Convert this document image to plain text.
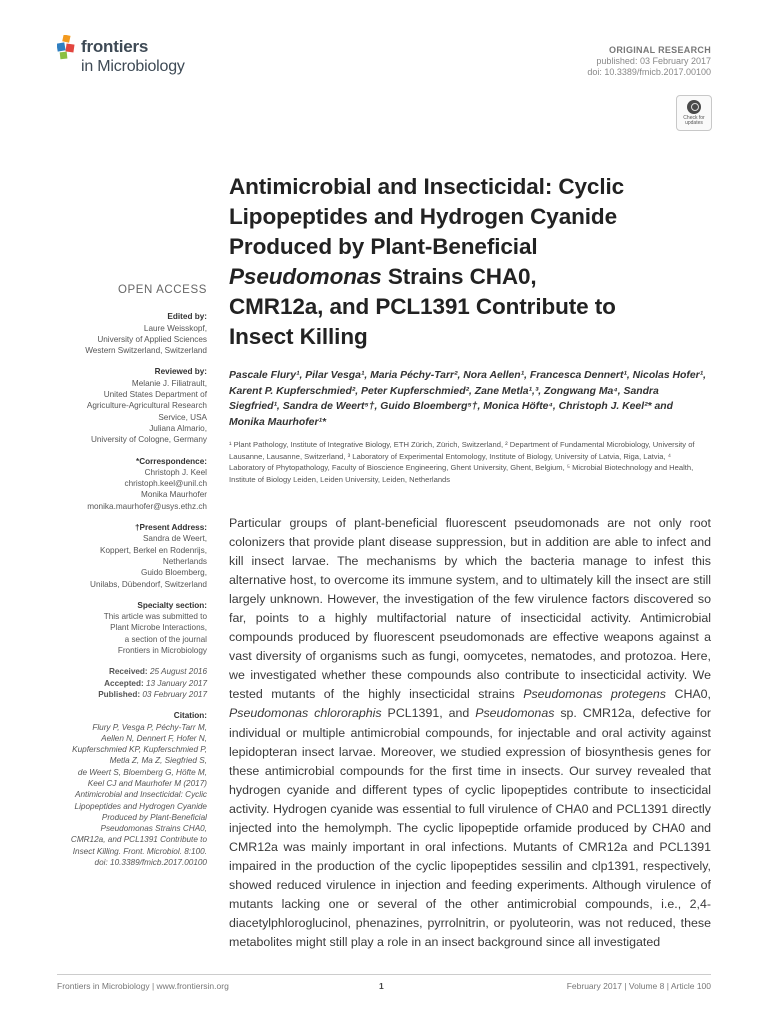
frontiers
in Microbiology
ORIGINAL RESEARCH
published: 03 February 2017
doi: 10.3389/fmicb.2017.00100
Check for updates
Antimicrobial and Insecticidal: Cyclic
Lipopeptides and Hydrogen Cyanide
Produced by Plant-Beneficial
Pseudomonas Strains CHA0,
CMR12a, and PCL1391 Contribute to
Insect Killing
Pascale Flury¹, Pilar Vesga¹, Maria Péchy-Tarr², Nora Aellen¹, Francesca Dennert¹, Nicolas Hofer¹, Karent P. Kupferschmied², Peter Kupferschmied², Zane Metla¹,³, Zongwang Ma⁴, Sandra Siegfried¹, Sandra de Weert⁵†, Guido Bloemberg⁵†, Monica Höfte⁴, Christoph J. Keel²* and Monika Maurhofer¹*
¹ Plant Pathology, Institute of Integrative Biology, ETH Zürich, Zürich, Switzerland, ² Department of Fundamental Microbiology, University of Lausanne, Lausanne, Switzerland, ³ Laboratory of Experimental Entomology, Institute of Biology, University of Latvia, Riga, Latvia, ⁴ Laboratory of Phytopathology, Faculty of Bioscience Engineering, Ghent University, Ghent, Belgium, ⁵ Microbial Biotechnology and Health, Institute of Biology Leiden, Leiden University, Leiden, Netherlands
Particular groups of plant-beneficial fluorescent pseudomonads are not only root colonizers that provide plant disease suppression, but in addition are able to infect and kill insect larvae. The mechanisms by which the bacteria manage to infest this alternative host, to overcome its immune system, and to ultimately kill the insect are still largely unknown. However, the investigation of the few virulence factors discovered so far, points to a highly multifactorial nature of insecticidal activity. Antimicrobial compounds produced by fluorescent pseudomonads are effective weapons against a vast diversity of organisms such as fungi, oomycetes, nematodes, and protozoa. Here, we investigated whether these compounds also contribute to insecticidal activity. We tested mutants of the highly insecticidal strains Pseudomonas protegens CHA0, Pseudomonas chlororaphis PCL1391, and Pseudomonas sp. CMR12a, defective for individual or multiple antimicrobial compounds, for injectable and oral activity against lepidopteran insect larvae. Moreover, we studied expression of biosynthesis genes for these antimicrobial compounds for the first time in insects. Our survey revealed that hydrogen cyanide and different types of cyclic lipopeptides contribute to insecticidal activity. Hydrogen cyanide was essential to full virulence of CHA0 and PCL1391 directly injected into the hemolymph. The cyclic lipopeptide orfamide produced by CHA0 and CMR12a was mainly important in oral infections. Mutants of CMR12a and PCL1391 impaired in the production of the cyclic lipopeptides sessilin and clp1391, respectively, showed reduced virulence in injection and feeding experiments. Although virulence of mutants lacking one or several of the other antimicrobial compounds, i.e., 2,4-diacetylphloroglucinol, phenazines, pyrrolnitrin, or pyoluteorin, was not reduced, these metabolites might still play a role in an insect background since all investigated
OPEN ACCESS
Edited by:
Laure Weisskopf,
University of Applied Sciences
Western Switzerland, Switzerland
Reviewed by:
Melanie J. Filiatrault,
United States Department of
Agriculture-Agricultural Research
Service, USA
Juliana Almario,
University of Cologne, Germany
*Correspondence:
Christoph J. Keel
christoph.keel@unil.ch
Monika Maurhofer
monika.maurhofer@usys.ethz.ch
†Present Address:
Sandra de Weert,
Koppert, Berkel en Rodenrijs,
Netherlands
Guido Bloemberg,
Unilabs, Dübendorf, Switzerland
Specialty section:
This article was submitted to
Plant Microbe Interactions,
a section of the journal
Frontiers in Microbiology
Received: 25 August 2016
Accepted: 13 January 2017
Published: 03 February 2017
Citation:
Flury P, Vesga P, Péchy-Tarr M,
Aellen N, Dennert F, Hofer N,
Kupferschmied KP, Kupferschmied P,
Metla Z, Ma Z, Siegfried S,
de Weert S, Bloemberg G, Höfte M,
Keel CJ and Maurhofer M (2017)
Antimicrobial and Insecticidal: Cyclic
Lipopeptides and Hydrogen Cyanide
Produced by Plant-Beneficial
Pseudomonas Strains CHA0,
CMR12a, and PCL1391 Contribute to
Insect Killing. Front. Microbiol. 8:100.
doi: 10.3389/fmicb.2017.00100
Frontiers in Microbiology | www.frontiersin.org	1	February 2017 | Volume 8 | Article 100
